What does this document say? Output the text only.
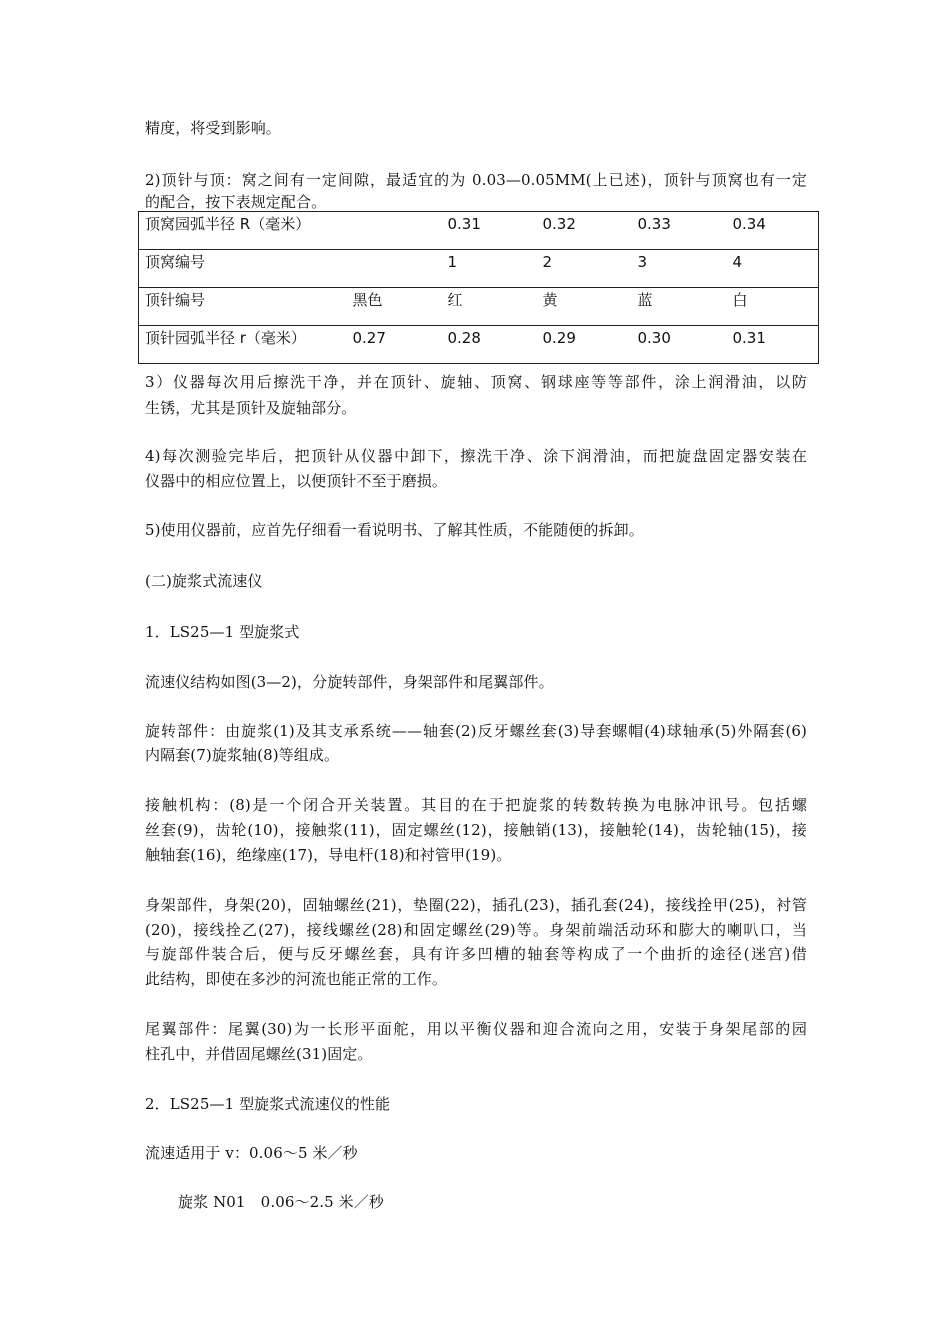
精度，将受到影响。
2)顶针与顶：窝之间有一定间隙，最适宜的为 0.03—0.05MM(上已述)，顶针与顶窝也有一定
的配合，按下表规定配合。
顶窝园弧半径 R（毫米）		0.31	0.32	0.33	0.34
顶窝编号		1	2	3	4
顶针编号	黑色	红	黄	蓝	白
顶针园弧半径 r（毫米）	0.27	0.28	0.29	0.30	0.31
3）仪器每次用后擦洗干净，并在顶针、旋轴、顶窝、钢球座等等部件，涂上润滑油，以防
生锈，尤其是顶针及旋轴部分。
4)每次测验完毕后，把顶针从仪器中卸下，擦洗干净、涂下润滑油，而把旋盘固定器安装在
仪器中的相应位置上，以便顶针不至于磨损。
5)使用仪器前，应首先仔细看一看说明书、了解其性质，不能随便的拆卸。
(二)旋浆式流速仪
1．LS25—1 型旋浆式
流速仪结构如图(3—2)，分旋转部件，身架部件和尾翼部件。
旋转部件：由旋浆(1)及其支承系统——轴套(2)反牙螺丝套(3)导套螺帽(4)球轴承(5)外隔套(6)
内隔套(7)旋浆轴(8)等组成。
接触机构：(8)是一个闭合开关装置。其目的在于把旋浆的转数转换为电脉冲讯号。包括螺
丝套(9)，齿轮(10)，接触浆(11)，固定螺丝(12)，接触销(13)，接触轮(14)，齿轮轴(15)，接
触轴套(16)，绝缘座(17)，导电杆(18)和衬管甲(19)。
身架部件，身架(20)，固轴螺丝(21)，垫圈(22)，插孔(23)，插孔套(24)，接线拴甲(25)，衬管
(20)，接线拴乙(27)，接线螺丝(28)和固定螺丝(29)等。身架前端活动环和膨大的喇叭口，当
与旋部件装合后，便与反牙螺丝套，具有许多凹槽的轴套等构成了一个曲折的途径(迷宫)借
此结构，即使在多沙的河流也能正常的工作。
尾翼部件：尾翼(30)为一长形平面舵，用以平衡仪器和迎合流向之用，安装于身架尾部的园
柱孔中，并借固尾螺丝(31)固定。
2．LS25—1 型旋浆式流速仪的性能
流速适用于 v：0.06～5 米／秒
旋浆 N01　0.06～2.5 米／秒
